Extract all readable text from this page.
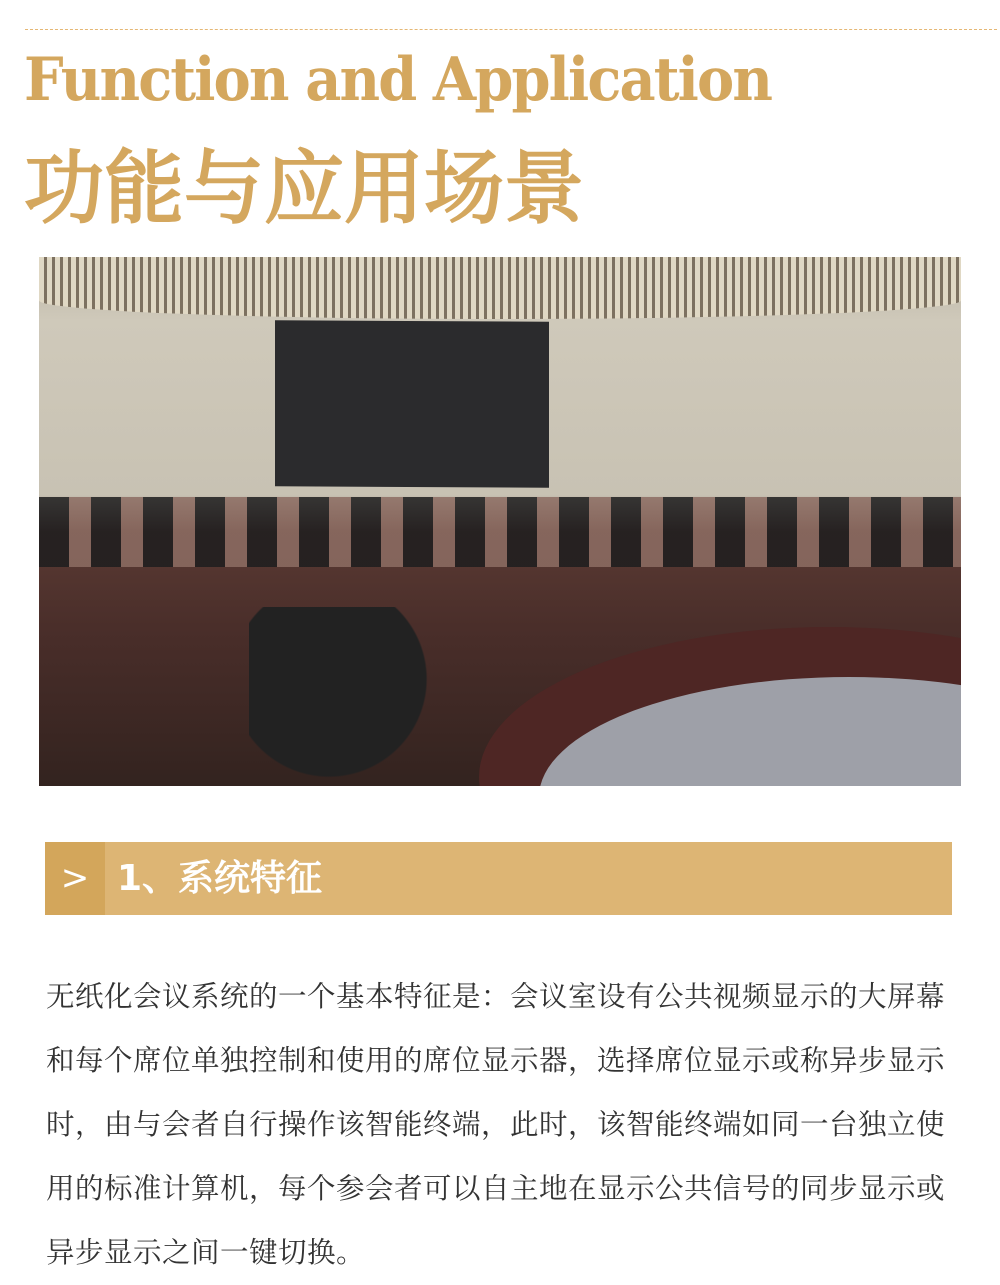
Function and Application
功能与应用场景
> 1、系统特征
无纸化会议系统的一个基本特征是：会议室设有公共视频显示的大屏幕和每个席位单独控制和使用的席位显示器，选择席位显示或称异步显示时，由与会者自行操作该智能终端，此时，该智能终端如同一台独立使用的标准计算机，每个参会者可以自主地在显示公共信号的同步显示或异步显示之间一键切换。
